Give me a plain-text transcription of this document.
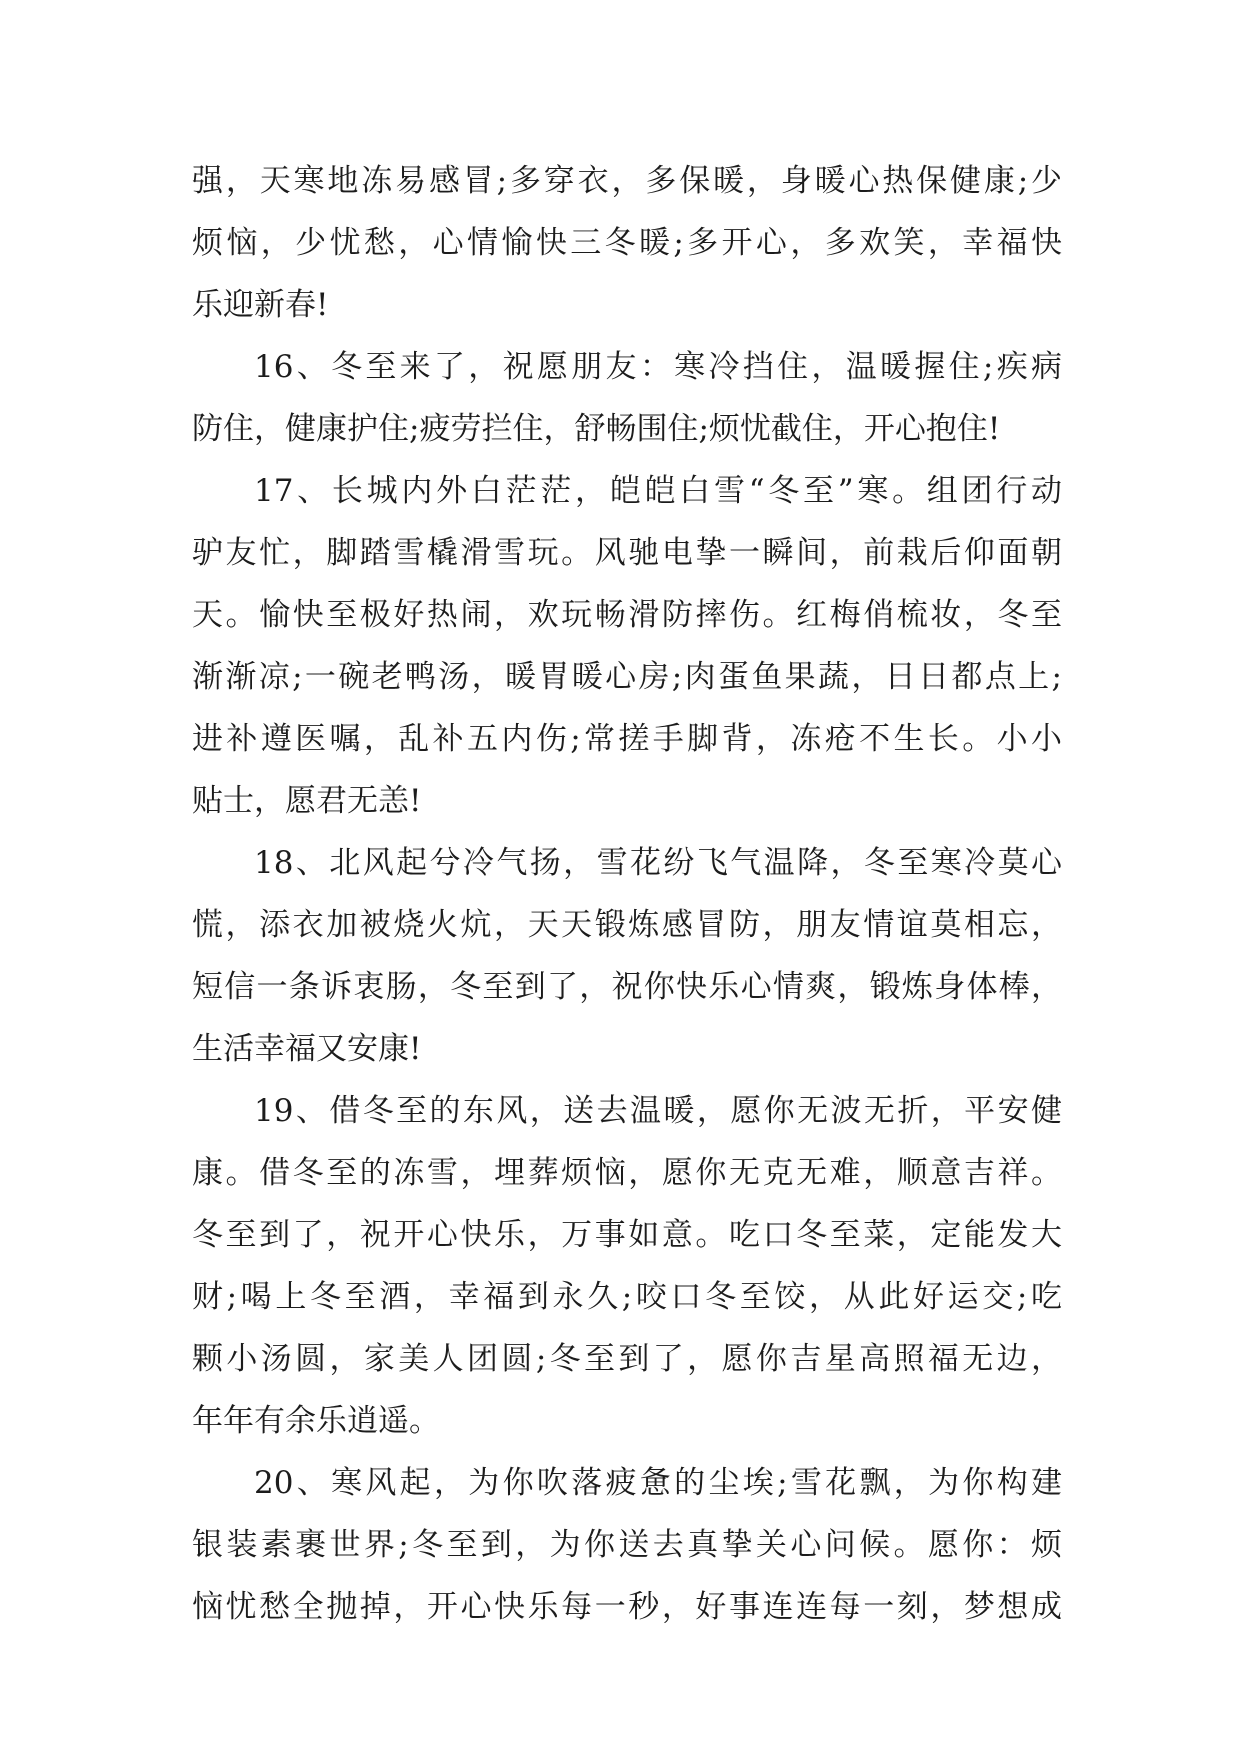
强，天寒地冻易感冒;多穿衣，多保暖，身暖心热保健康;少
烦恼，少忧愁，心情愉快三冬暖;多开心，多欢笑，幸福快
乐迎新春!
16、冬至来了，祝愿朋友：寒冷挡住，温暖握住;疾病
防住，健康护住;疲劳拦住，舒畅围住;烦忧截住，开心抱住!
17、长城内外白茫茫，皑皑白雪“冬至”寒。组团行动
驴友忙，脚踏雪橇滑雪玩。风驰电挚一瞬间，前栽后仰面朝
天。愉快至极好热闹，欢玩畅滑防摔伤。红梅俏梳妆，冬至
渐渐凉;一碗老鸭汤，暖胃暖心房;肉蛋鱼果蔬，日日都点上;
进补遵医嘱，乱补五内伤;常搓手脚背，冻疮不生长。小小
贴士，愿君无恙!
18、北风起兮冷气扬，雪花纷飞气温降，冬至寒冷莫心
慌，添衣加被烧火炕，天天锻炼感冒防，朋友情谊莫相忘，
短信一条诉衷肠，冬至到了，祝你快乐心情爽，锻炼身体棒，
生活幸福又安康!
19、借冬至的东风，送去温暖，愿你无波无折，平安健
康。借冬至的冻雪，埋葬烦恼，愿你无克无难，顺意吉祥。
冬至到了，祝开心快乐，万事如意。吃口冬至菜，定能发大
财;喝上冬至酒，幸福到永久;咬口冬至饺，从此好运交;吃
颗小汤圆，家美人团圆;冬至到了，愿你吉星高照福无边，
年年有余乐逍遥。
20、寒风起，为你吹落疲惫的尘埃;雪花飘，为你构建
银装素裹世界;冬至到，为你送去真挚关心问候。愿你：烦
恼忧愁全抛掉，开心快乐每一秒，好事连连每一刻，梦想成
